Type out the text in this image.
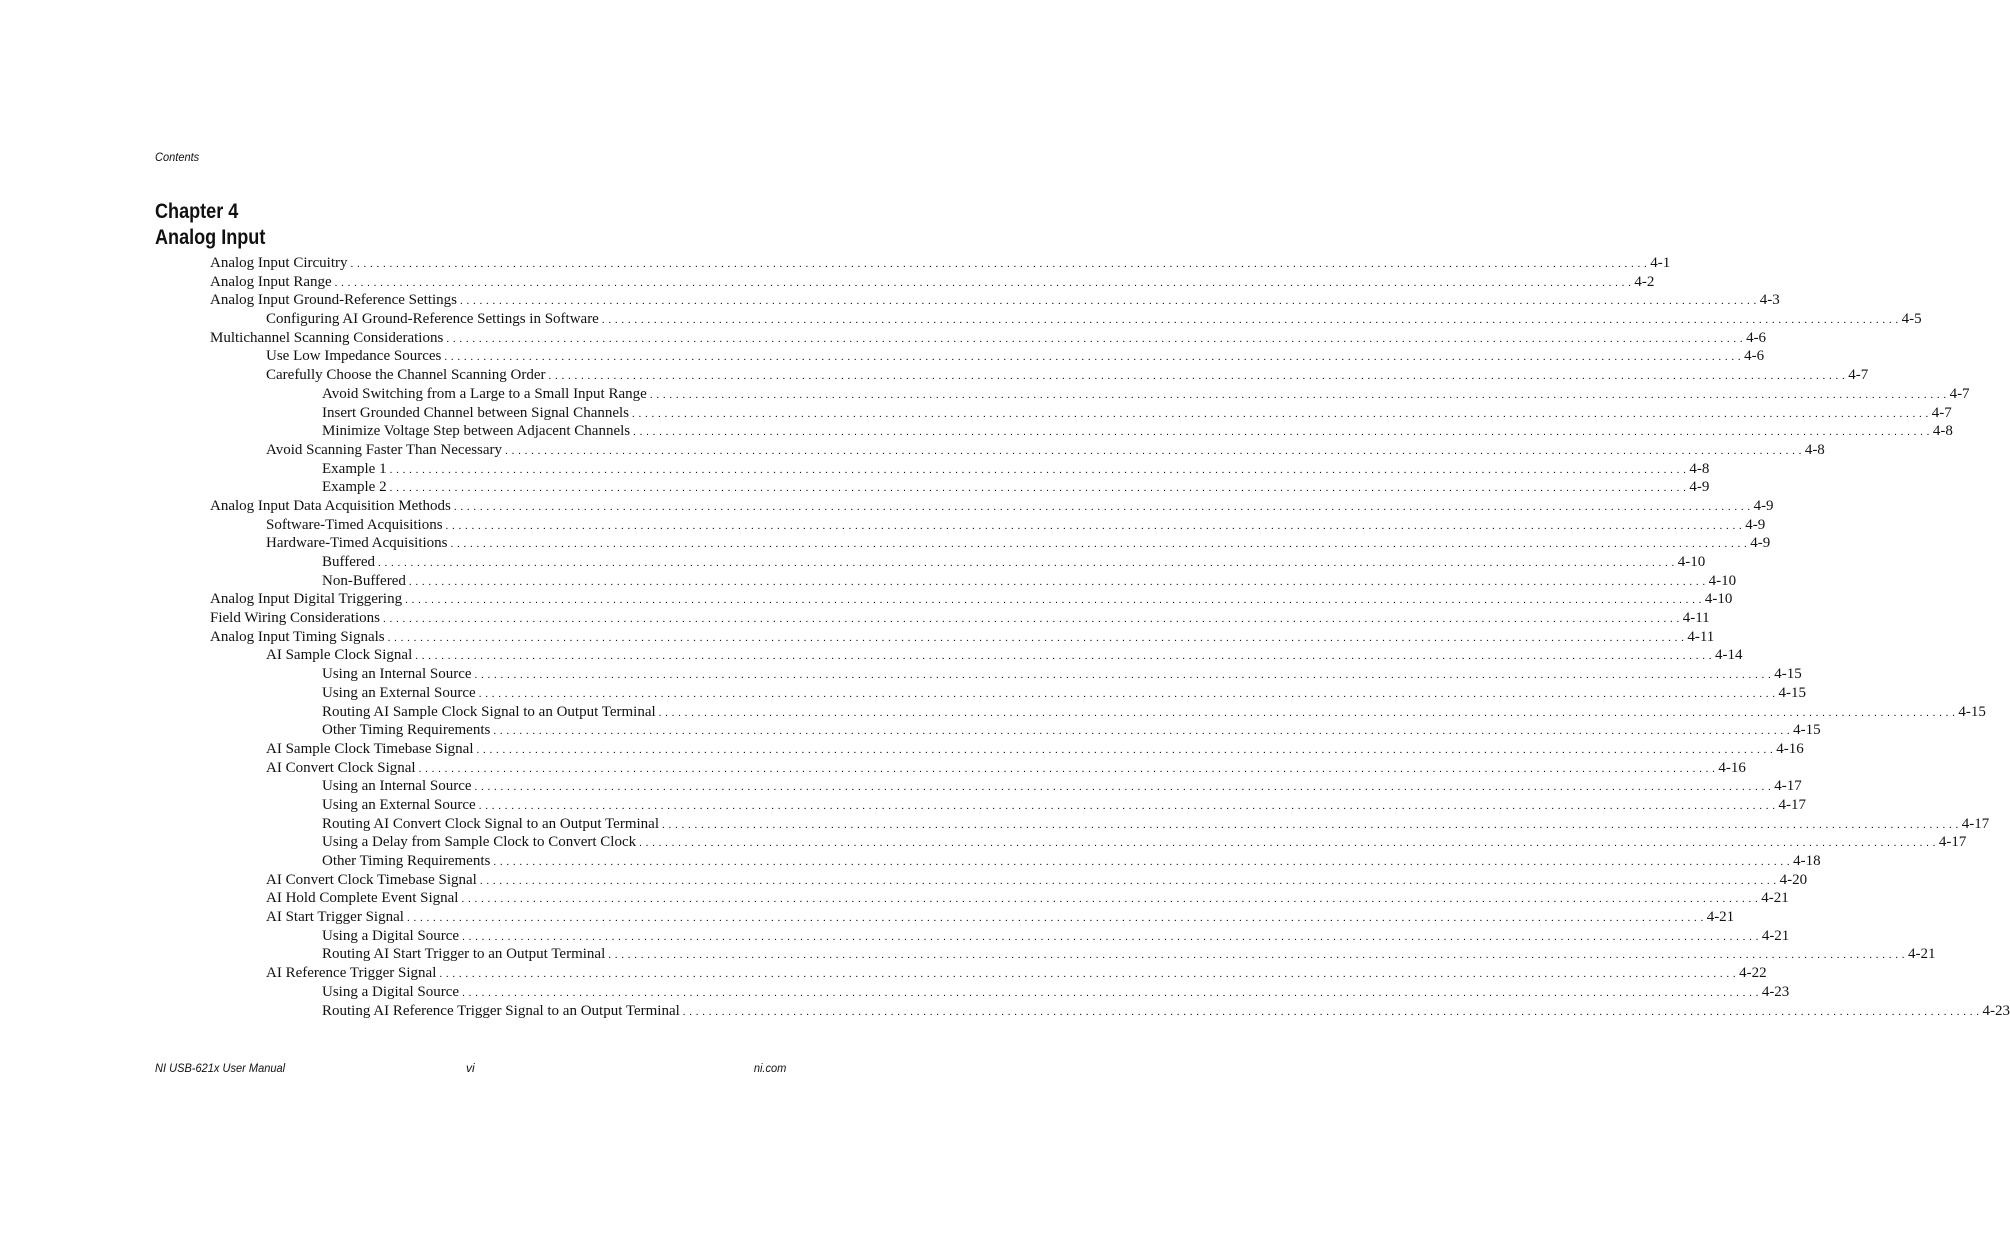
Contents
Chapter 4
Analog Input
Analog Input Circuitry . . . . . . . . . . . . . . . . . . . . . . . . . . . . . . . . . . . . . . . . . . . . . . . . . . . . . . . . . . . . . . . . . . . . . . . . . . . . . . . . . . . . . . . . . . . . . . . . . . . . . . . . . . . . . . . . . . . . . . . . . . . . . . . . . . . . . . . . . . . . . . . . . . . . . . . . . . . . . . . . . . . . . . . . . . . . . . . . . . . . . . . . . . . . . . . . . . . . . . . . 4-1
Analog Input Range . . . . . . . . . . . . . . . . . . . . . . . . . . . . . . . . . . . . . . . . . . . . . . . . . . . . . . . . . . . . . . . . . . . . . . . . . . . . . . . . . . . . . . . . . . . . . . . . . . . . . . . . . . . . . . . . . . . . . . . . . . . . . . . . . . . . . . . . . . . . . . . . . . . . . . . . . . . . . . . . . . . . . . . . . . . . . . . . . . . . . . . . . . . . . . . . . . . . . . . . 4-2
Analog Input Ground-Reference Settings . . . . . . . . . . . . . . . . . . . . . . . . . . . . . . . . . . . . . . . . . . . . . . . . . . . . . . . . . . . . . . . . . . . . . . . . . . . . . . . . . . . . . . . . . . . . . . . . . . . . . . . . . . . . . . . . . . . . . . . . . . . . . . . . . . . . . . . . . . . . . . . . . . . . . . . . . . . . . . . . . . . . . . . . . . . . . . . . . . . . . . . . . . . . . . . . . . . . . . . . 4-3
Configuring AI Ground-Reference Settings in Software . . . . . . . . . . . . . . . . . . . . . . . . . . . . . . . . . . . . . . . . . . . . . . . . . . . . . . . . . . . . . . . . . . . . . . . . . . . . . . . . . . . . . . . . . . . . . . . . . . . . . . . . . . . . . . . . . . . . . . . . . . . . . . . . . . . . . . . . . . . . . . . . . . . . . . . . . . . . . . . . . . . . . . . . . . . . . . . . . . . . . . . . . . . . . . . . . . . . . . . . 4-5
Multichannel Scanning Considerations . . . . . . . . . . . . . . . . . . . . . . . . . . . . . . . . . . . . . . . . . . . . . . . . . . . . . . . . . . . . . . . . . . . . . . . . . . . . . . . . . . . . . . . . . . . . . . . . . . . . . . . . . . . . . . . . . . . . . . . . . . . . . . . . . . . . . . . . . . . . . . . . . . . . . . . . . . . . . . . . . . . . . . . . . . . . . . . . . . . . . . . . . . . . . . . . . . . . . . . . 4-6
Use Low Impedance Sources . . . . . . . . . . . . . . . . . . . . . . . . . . . . . . . . . . . . . . . . . . . . . . . . . . . . . . . . . . . . . . . . . . . . . . . . . . . . . . . . . . . . . . . . . . . . . . . . . . . . . . . . . . . . . . . . . . . . . . . . . . . . . . . . . . . . . . . . . . . . . . . . . . . . . . . . . . . . . . . . . . . . . . . . . . . . . . . . . . . . . . . . . . . . . . . . . . . . . . . . 4-6
Carefully Choose the Channel Scanning Order . . . . . . . . . . . . . . . . . . . . . . . . . . . . . . . . . . . . . . . . . . . . . . . . . . . . . . . . . . . . . . . . . . . . . . . . . . . . . . . . . . . . . . . . . . . . . . . . . . . . . . . . . . . . . . . . . . . . . . . . . . . . . . . . . . . . . . . . . . . . . . . . . . . . . . . . . . . . . . . . . . . . . . . . . . . . . . . . . . . . . . . . . . . . . . . . . . . . . . . . 4-7
Avoid Switching from a Large to a Small Input Range . . . . . . . . . . . . . . . . . . . . . . . . . . . . . . . . . . . . . . . . . . . . . . . . . . . . . . . . . . . . . . . . . . . . . . . . . . . . . . . . . . . . . . . . . . . . . . . . . . . . . . . . . . . . . . . . . . . . . . . . . . . . . . . . . . . . . . . . . . . . . . . . . . . . . . . . . . . . . . . . . . . . . . . . . . . . . . . . . . . . . . . . . . . . . . . . . . . . . . . . 4-7
Insert Grounded Channel between Signal Channels . . . . . . . . . . . . . . . . . . . . . . . . . . . . . . . . . . . . . . . . . . . . . . . . . . . . . . . . . . . . . . . . . . . . . . . . . . . . . . . . . . . . . . . . . . . . . . . . . . . . . . . . . . . . . . . . . . . . . . . . . . . . . . . . . . . . . . . . . . . . . . . . . . . . . . . . . . . . . . . . . . . . . . . . . . . . . . . . . . . . . . . . . . . . . . . . . . . . . . . . 4-7
Minimize Voltage Step between Adjacent Channels . . . . . . . . . . . . . . . . . . . . . . . . . . . . . . . . . . . . . . . . . . . . . . . . . . . . . . . . . . . . . . . . . . . . . . . . . . . . . . . . . . . . . . . . . . . . . . . . . . . . . . . . . . . . . . . . . . . . . . . . . . . . . . . . . . . . . . . . . . . . . . . . . . . . . . . . . . . . . . . . . . . . . . . . . . . . . . . . . . . . . . . . . . . . . . . . . . . . . . . . 4-8
Avoid Scanning Faster Than Necessary . . . . . . . . . . . . . . . . . . . . . . . . . . . . . . . . . . . . . . . . . . . . . . . . . . . . . . . . . . . . . . . . . . . . . . . . . . . . . . . . . . . . . . . . . . . . . . . . . . . . . . . . . . . . . . . . . . . . . . . . . . . . . . . . . . . . . . . . . . . . . . . . . . . . . . . . . . . . . . . . . . . . . . . . . . . . . . . . . . . . . . . . . . . . . . . . . . . . . . . . 4-8
Example 1 . . . . . . . . . . . . . . . . . . . . . . . . . . . . . . . . . . . . . . . . . . . . . . . . . . . . . . . . . . . . . . . . . . . . . . . . . . . . . . . . . . . . . . . . . . . . . . . . . . . . . . . . . . . . . . . . . . . . . . . . . . . . . . . . . . . . . . . . . . . . . . . . . . . . . . . . . . . . . . . . . . . . . . . . . . . . . . . . . . . . . . . . . . . . . . . . . . . . . . . . 4-8
Example 2 . . . . . . . . . . . . . . . . . . . . . . . . . . . . . . . . . . . . . . . . . . . . . . . . . . . . . . . . . . . . . . . . . . . . . . . . . . . . . . . . . . . . . . . . . . . . . . . . . . . . . . . . . . . . . . . . . . . . . . . . . . . . . . . . . . . . . . . . . . . . . . . . . . . . . . . . . . . . . . . . . . . . . . . . . . . . . . . . . . . . . . . . . . . . . . . . . . . . . . . . 4-9
Analog Input Data Acquisition Methods . . . . . . . . . . . . . . . . . . . . . . . . . . . . . . . . . . . . . . . . . . . . . . . . . . . . . . . . . . . . . . . . . . . . . . . . . . . . . . . . . . . . . . . . . . . . . . . . . . . . . . . . . . . . . . . . . . . . . . . . . . . . . . . . . . . . . . . . . . . . . . . . . . . . . . . . . . . . . . . . . . . . . . . . . . . . . . . . . . . . . . . . . . . . . . . . . . . . . . . . 4-9
Software-Timed Acquisitions . . . . . . . . . . . . . . . . . . . . . . . . . . . . . . . . . . . . . . . . . . . . . . . . . . . . . . . . . . . . . . . . . . . . . . . . . . . . . . . . . . . . . . . . . . . . . . . . . . . . . . . . . . . . . . . . . . . . . . . . . . . . . . . . . . . . . . . . . . . . . . . . . . . . . . . . . . . . . . . . . . . . . . . . . . . . . . . . . . . . . . . . . . . . . . . . . . . . . . . . 4-9
Hardware-Timed Acquisitions . . . . . . . . . . . . . . . . . . . . . . . . . . . . . . . . . . . . . . . . . . . . . . . . . . . . . . . . . . . . . . . . . . . . . . . . . . . . . . . . . . . . . . . . . . . . . . . . . . . . . . . . . . . . . . . . . . . . . . . . . . . . . . . . . . . . . . . . . . . . . . . . . . . . . . . . . . . . . . . . . . . . . . . . . . . . . . . . . . . . . . . . . . . . . . . . . . . . . . . . 4-9
Buffered . . . . . . . . . . . . . . . . . . . . . . . . . . . . . . . . . . . . . . . . . . . . . . . . . . . . . . . . . . . . . . . . . . . . . . . . . . . . . . . . . . . . . . . . . . . . . . . . . . . . . . . . . . . . . . . . . . . . . . . . . . . . . . . . . . . . . . . . . . . . . . . . . . . . . . . . . . . . . . . . . . . . . . . . . . . . . . . . . . . . . . . . . . . . . . . . . . . . . . . . 4-10
Non-Buffered . . . . . . . . . . . . . . . . . . . . . . . . . . . . . . . . . . . . . . . . . . . . . . . . . . . . . . . . . . . . . . . . . . . . . . . . . . . . . . . . . . . . . . . . . . . . . . . . . . . . . . . . . . . . . . . . . . . . . . . . . . . . . . . . . . . . . . . . . . . . . . . . . . . . . . . . . . . . . . . . . . . . . . . . . . . . . . . . . . . . . . . . . . . . . . . . . . . . . . . . 4-10
Analog Input Digital Triggering . . . . . . . . . . . . . . . . . . . . . . . . . . . . . . . . . . . . . . . . . . . . . . . . . . . . . . . . . . . . . . . . . . . . . . . . . . . . . . . . . . . . . . . . . . . . . . . . . . . . . . . . . . . . . . . . . . . . . . . . . . . . . . . . . . . . . . . . . . . . . . . . . . . . . . . . . . . . . . . . . . . . . . . . . . . . . . . . . . . . . . . . . . . . . . . . . . . . . . . . 4-10
Field Wiring Considerations . . . . . . . . . . . . . . . . . . . . . . . . . . . . . . . . . . . . . . . . . . . . . . . . . . . . . . . . . . . . . . . . . . . . . . . . . . . . . . . . . . . . . . . . . . . . . . . . . . . . . . . . . . . . . . . . . . . . . . . . . . . . . . . . . . . . . . . . . . . . . . . . . . . . . . . . . . . . . . . . . . . . . . . . . . . . . . . . . . . . . . . . . . . . . . . . . . . . . . . . 4-11
Analog Input Timing Signals . . . . . . . . . . . . . . . . . . . . . . . . . . . . . . . . . . . . . . . . . . . . . . . . . . . . . . . . . . . . . . . . . . . . . . . . . . . . . . . . . . . . . . . . . . . . . . . . . . . . . . . . . . . . . . . . . . . . . . . . . . . . . . . . . . . . . . . . . . . . . . . . . . . . . . . . . . . . . . . . . . . . . . . . . . . . . . . . . . . . . . . . . . . . . . . . . . . . . . . . 4-11
AI Sample Clock Signal . . . . . . . . . . . . . . . . . . . . . . . . . . . . . . . . . . . . . . . . . . . . . . . . . . . . . . . . . . . . . . . . . . . . . . . . . . . . . . . . . . . . . . . . . . . . . . . . . . . . . . . . . . . . . . . . . . . . . . . . . . . . . . . . . . . . . . . . . . . . . . . . . . . . . . . . . . . . . . . . . . . . . . . . . . . . . . . . . . . . . . . . . . . . . . . . . . . . . . . . 4-14
Using an Internal Source . . . . . . . . . . . . . . . . . . . . . . . . . . . . . . . . . . . . . . . . . . . . . . . . . . . . . . . . . . . . . . . . . . . . . . . . . . . . . . . . . . . . . . . . . . . . . . . . . . . . . . . . . . . . . . . . . . . . . . . . . . . . . . . . . . . . . . . . . . . . . . . . . . . . . . . . . . . . . . . . . . . . . . . . . . . . . . . . . . . . . . . . . . . . . . . . . . . . . . . . 4-15
Using an External Source . . . . . . . . . . . . . . . . . . . . . . . . . . . . . . . . . . . . . . . . . . . . . . . . . . . . . . . . . . . . . . . . . . . . . . . . . . . . . . . . . . . . . . . . . . . . . . . . . . . . . . . . . . . . . . . . . . . . . . . . . . . . . . . . . . . . . . . . . . . . . . . . . . . . . . . . . . . . . . . . . . . . . . . . . . . . . . . . . . . . . . . . . . . . . . . . . . . . . . . . 4-15
Routing AI Sample Clock Signal to an Output Terminal . . . . . . . . . . . . . . . . . . . . . . . . . . . . . . . . . . . . . . . . . . . . . . . . . . . . . . . . . . . . . . . . . . . . . . . . . . . . . . . . . . . . . . . . . . . . . . . . . . . . . . . . . . . . . . . . . . . . . . . . . . . . . . . . . . . . . . . . . . . . . . . . . . . . . . . . . . . . . . . . . . . . . . . . . . . . . . . . . . . . . . . . . . . . . . . . . . . . . . . . 4-15
Other Timing Requirements . . . . . . . . . . . . . . . . . . . . . . . . . . . . . . . . . . . . . . . . . . . . . . . . . . . . . . . . . . . . . . . . . . . . . . . . . . . . . . . . . . . . . . . . . . . . . . . . . . . . . . . . . . . . . . . . . . . . . . . . . . . . . . . . . . . . . . . . . . . . . . . . . . . . . . . . . . . . . . . . . . . . . . . . . . . . . . . . . . . . . . . . . . . . . . . . . . . . . . . . 4-15
AI Sample Clock Timebase Signal . . . . . . . . . . . . . . . . . . . . . . . . . . . . . . . . . . . . . . . . . . . . . . . . . . . . . . . . . . . . . . . . . . . . . . . . . . . . . . . . . . . . . . . . . . . . . . . . . . . . . . . . . . . . . . . . . . . . . . . . . . . . . . . . . . . . . . . . . . . . . . . . . . . . . . . . . . . . . . . . . . . . . . . . . . . . . . . . . . . . . . . . . . . . . . . . . . . . . . . . 4-16
AI Convert Clock Signal . . . . . . . . . . . . . . . . . . . . . . . . . . . . . . . . . . . . . . . . . . . . . . . . . . . . . . . . . . . . . . . . . . . . . . . . . . . . . . . . . . . . . . . . . . . . . . . . . . . . . . . . . . . . . . . . . . . . . . . . . . . . . . . . . . . . . . . . . . . . . . . . . . . . . . . . . . . . . . . . . . . . . . . . . . . . . . . . . . . . . . . . . . . . . . . . . . . . . . . . 4-16
Using an Internal Source . . . . . . . . . . . . . . . . . . . . . . . . . . . . . . . . . . . . . . . . . . . . . . . . . . . . . . . . . . . . . . . . . . . . . . . . . . . . . . . . . . . . . . . . . . . . . . . . . . . . . . . . . . . . . . . . . . . . . . . . . . . . . . . . . . . . . . . . . . . . . . . . . . . . . . . . . . . . . . . . . . . . . . . . . . . . . . . . . . . . . . . . . . . . . . . . . . . . . . . . 4-17
Using an External Source . . . . . . . . . . . . . . . . . . . . . . . . . . . . . . . . . . . . . . . . . . . . . . . . . . . . . . . . . . . . . . . . . . . . . . . . . . . . . . . . . . . . . . . . . . . . . . . . . . . . . . . . . . . . . . . . . . . . . . . . . . . . . . . . . . . . . . . . . . . . . . . . . . . . . . . . . . . . . . . . . . . . . . . . . . . . . . . . . . . . . . . . . . . . . . . . . . . . . . . . 4-17
Routing AI Convert Clock Signal to an Output Terminal . . . . . . . . . . . . . . . . . . . . . . . . . . . . . . . . . . . . . . . . . . . . . . . . . . . . . . . . . . . . . . . . . . . . . . . . . . . . . . . . . . . . . . . . . . . . . . . . . . . . . . . . . . . . . . . . . . . . . . . . . . . . . . . . . . . . . . . . . . . . . . . . . . . . . . . . . . . . . . . . . . . . . . . . . . . . . . . . . . . . . . . . . . . . . . . . . . . . . . . . 4-17
Using a Delay from Sample Clock to Convert Clock . . . . . . . . . . . . . . . . . . . . . . . . . . . . . . . . . . . . . . . . . . . . . . . . . . . . . . . . . . . . . . . . . . . . . . . . . . . . . . . . . . . . . . . . . . . . . . . . . . . . . . . . . . . . . . . . . . . . . . . . . . . . . . . . . . . . . . . . . . . . . . . . . . . . . . . . . . . . . . . . . . . . . . . . . . . . . . . . . . . . . . . . . . . . . . . . . . . . . . . . 4-17
Other Timing Requirements . . . . . . . . . . . . . . . . . . . . . . . . . . . . . . . . . . . . . . . . . . . . . . . . . . . . . . . . . . . . . . . . . . . . . . . . . . . . . . . . . . . . . . . . . . . . . . . . . . . . . . . . . . . . . . . . . . . . . . . . . . . . . . . . . . . . . . . . . . . . . . . . . . . . . . . . . . . . . . . . . . . . . . . . . . . . . . . . . . . . . . . . . . . . . . . . . . . . . . . . 4-18
AI Convert Clock Timebase Signal . . . . . . . . . . . . . . . . . . . . . . . . . . . . . . . . . . . . . . . . . . . . . . . . . . . . . . . . . . . . . . . . . . . . . . . . . . . . . . . . . . . . . . . . . . . . . . . . . . . . . . . . . . . . . . . . . . . . . . . . . . . . . . . . . . . . . . . . . . . . . . . . . . . . . . . . . . . . . . . . . . . . . . . . . . . . . . . . . . . . . . . . . . . . . . . . . . . . . . . . 4-20
AI Hold Complete Event Signal . . . . . . . . . . . . . . . . . . . . . . . . . . . . . . . . . . . . . . . . . . . . . . . . . . . . . . . . . . . . . . . . . . . . . . . . . . . . . . . . . . . . . . . . . . . . . . . . . . . . . . . . . . . . . . . . . . . . . . . . . . . . . . . . . . . . . . . . . . . . . . . . . . . . . . . . . . . . . . . . . . . . . . . . . . . . . . . . . . . . . . . . . . . . . . . . . . . . . . . . 4-21
AI Start Trigger Signal . . . . . . . . . . . . . . . . . . . . . . . . . . . . . . . . . . . . . . . . . . . . . . . . . . . . . . . . . . . . . . . . . . . . . . . . . . . . . . . . . . . . . . . . . . . . . . . . . . . . . . . . . . . . . . . . . . . . . . . . . . . . . . . . . . . . . . . . . . . . . . . . . . . . . . . . . . . . . . . . . . . . . . . . . . . . . . . . . . . . . . . . . . . . . . . . . . . . . . . . 4-21
Using a Digital Source . . . . . . . . . . . . . . . . . . . . . . . . . . . . . . . . . . . . . . . . . . . . . . . . . . . . . . . . . . . . . . . . . . . . . . . . . . . . . . . . . . . . . . . . . . . . . . . . . . . . . . . . . . . . . . . . . . . . . . . . . . . . . . . . . . . . . . . . . . . . . . . . . . . . . . . . . . . . . . . . . . . . . . . . . . . . . . . . . . . . . . . . . . . . . . . . . . . . . . . . 4-21
Routing AI Start Trigger to an Output Terminal . . . . . . . . . . . . . . . . . . . . . . . . . . . . . . . . . . . . . . . . . . . . . . . . . . . . . . . . . . . . . . . . . . . . . . . . . . . . . . . . . . . . . . . . . . . . . . . . . . . . . . . . . . . . . . . . . . . . . . . . . . . . . . . . . . . . . . . . . . . . . . . . . . . . . . . . . . . . . . . . . . . . . . . . . . . . . . . . . . . . . . . . . . . . . . . . . . . . . . . . 4-21
AI Reference Trigger Signal . . . . . . . . . . . . . . . . . . . . . . . . . . . . . . . . . . . . . . . . . . . . . . . . . . . . . . . . . . . . . . . . . . . . . . . . . . . . . . . . . . . . . . . . . . . . . . . . . . . . . . . . . . . . . . . . . . . . . . . . . . . . . . . . . . . . . . . . . . . . . . . . . . . . . . . . . . . . . . . . . . . . . . . . . . . . . . . . . . . . . . . . . . . . . . . . . . . . . . . . 4-22
Using a Digital Source . . . . . . . . . . . . . . . . . . . . . . . . . . . . . . . . . . . . . . . . . . . . . . . . . . . . . . . . . . . . . . . . . . . . . . . . . . . . . . . . . . . . . . . . . . . . . . . . . . . . . . . . . . . . . . . . . . . . . . . . . . . . . . . . . . . . . . . . . . . . . . . . . . . . . . . . . . . . . . . . . . . . . . . . . . . . . . . . . . . . . . . . . . . . . . . . . . . . . . . . 4-23
Routing AI Reference Trigger Signal to an Output Terminal . . . . . . . . . . . . . . . . . . . . . . . . . . . . . . . . . . . . . . . . . . . . . . . . . . . . . . . . . . . . . . . . . . . . . . . . . . . . . . . . . . . . . . . . . . . . . . . . . . . . . . . . . . . . . . . . . . . . . . . . . . . . . . . . . . . . . . . . . . . . . . . . . . . . . . . . . . . . . . . . . . . . . . . . . . . . . . . . . . . . . . . . . . . . . . . . . . . . . . . . 4-23
NI USB-621x User Manual	vi	ni.com
